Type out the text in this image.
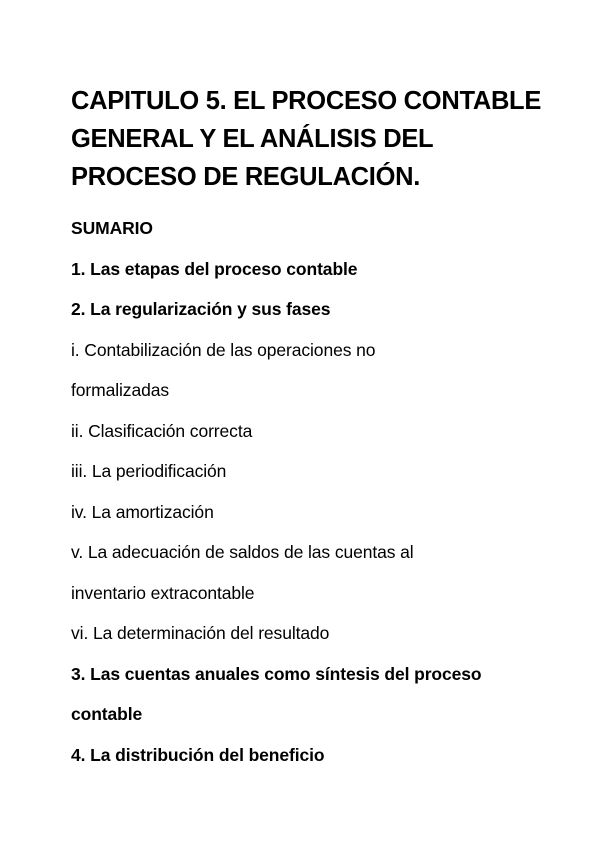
CAPITULO 5. EL PROCESO CONTABLE
GENERAL Y EL ANÁLISIS DEL
PROCESO DE REGULACIÓN.
SUMARIO
1. Las etapas del proceso contable
2. La regularización y sus fases
i. Contabilización de las operaciones no
formalizadas
ii. Clasificación correcta
iii. La periodificación
iv. La amortización
v. La adecuación de saldos de las cuentas al
inventario extracontable
vi. La determinación del resultado
3. Las cuentas anuales como síntesis del proceso
contable
4. La distribución del beneficio
